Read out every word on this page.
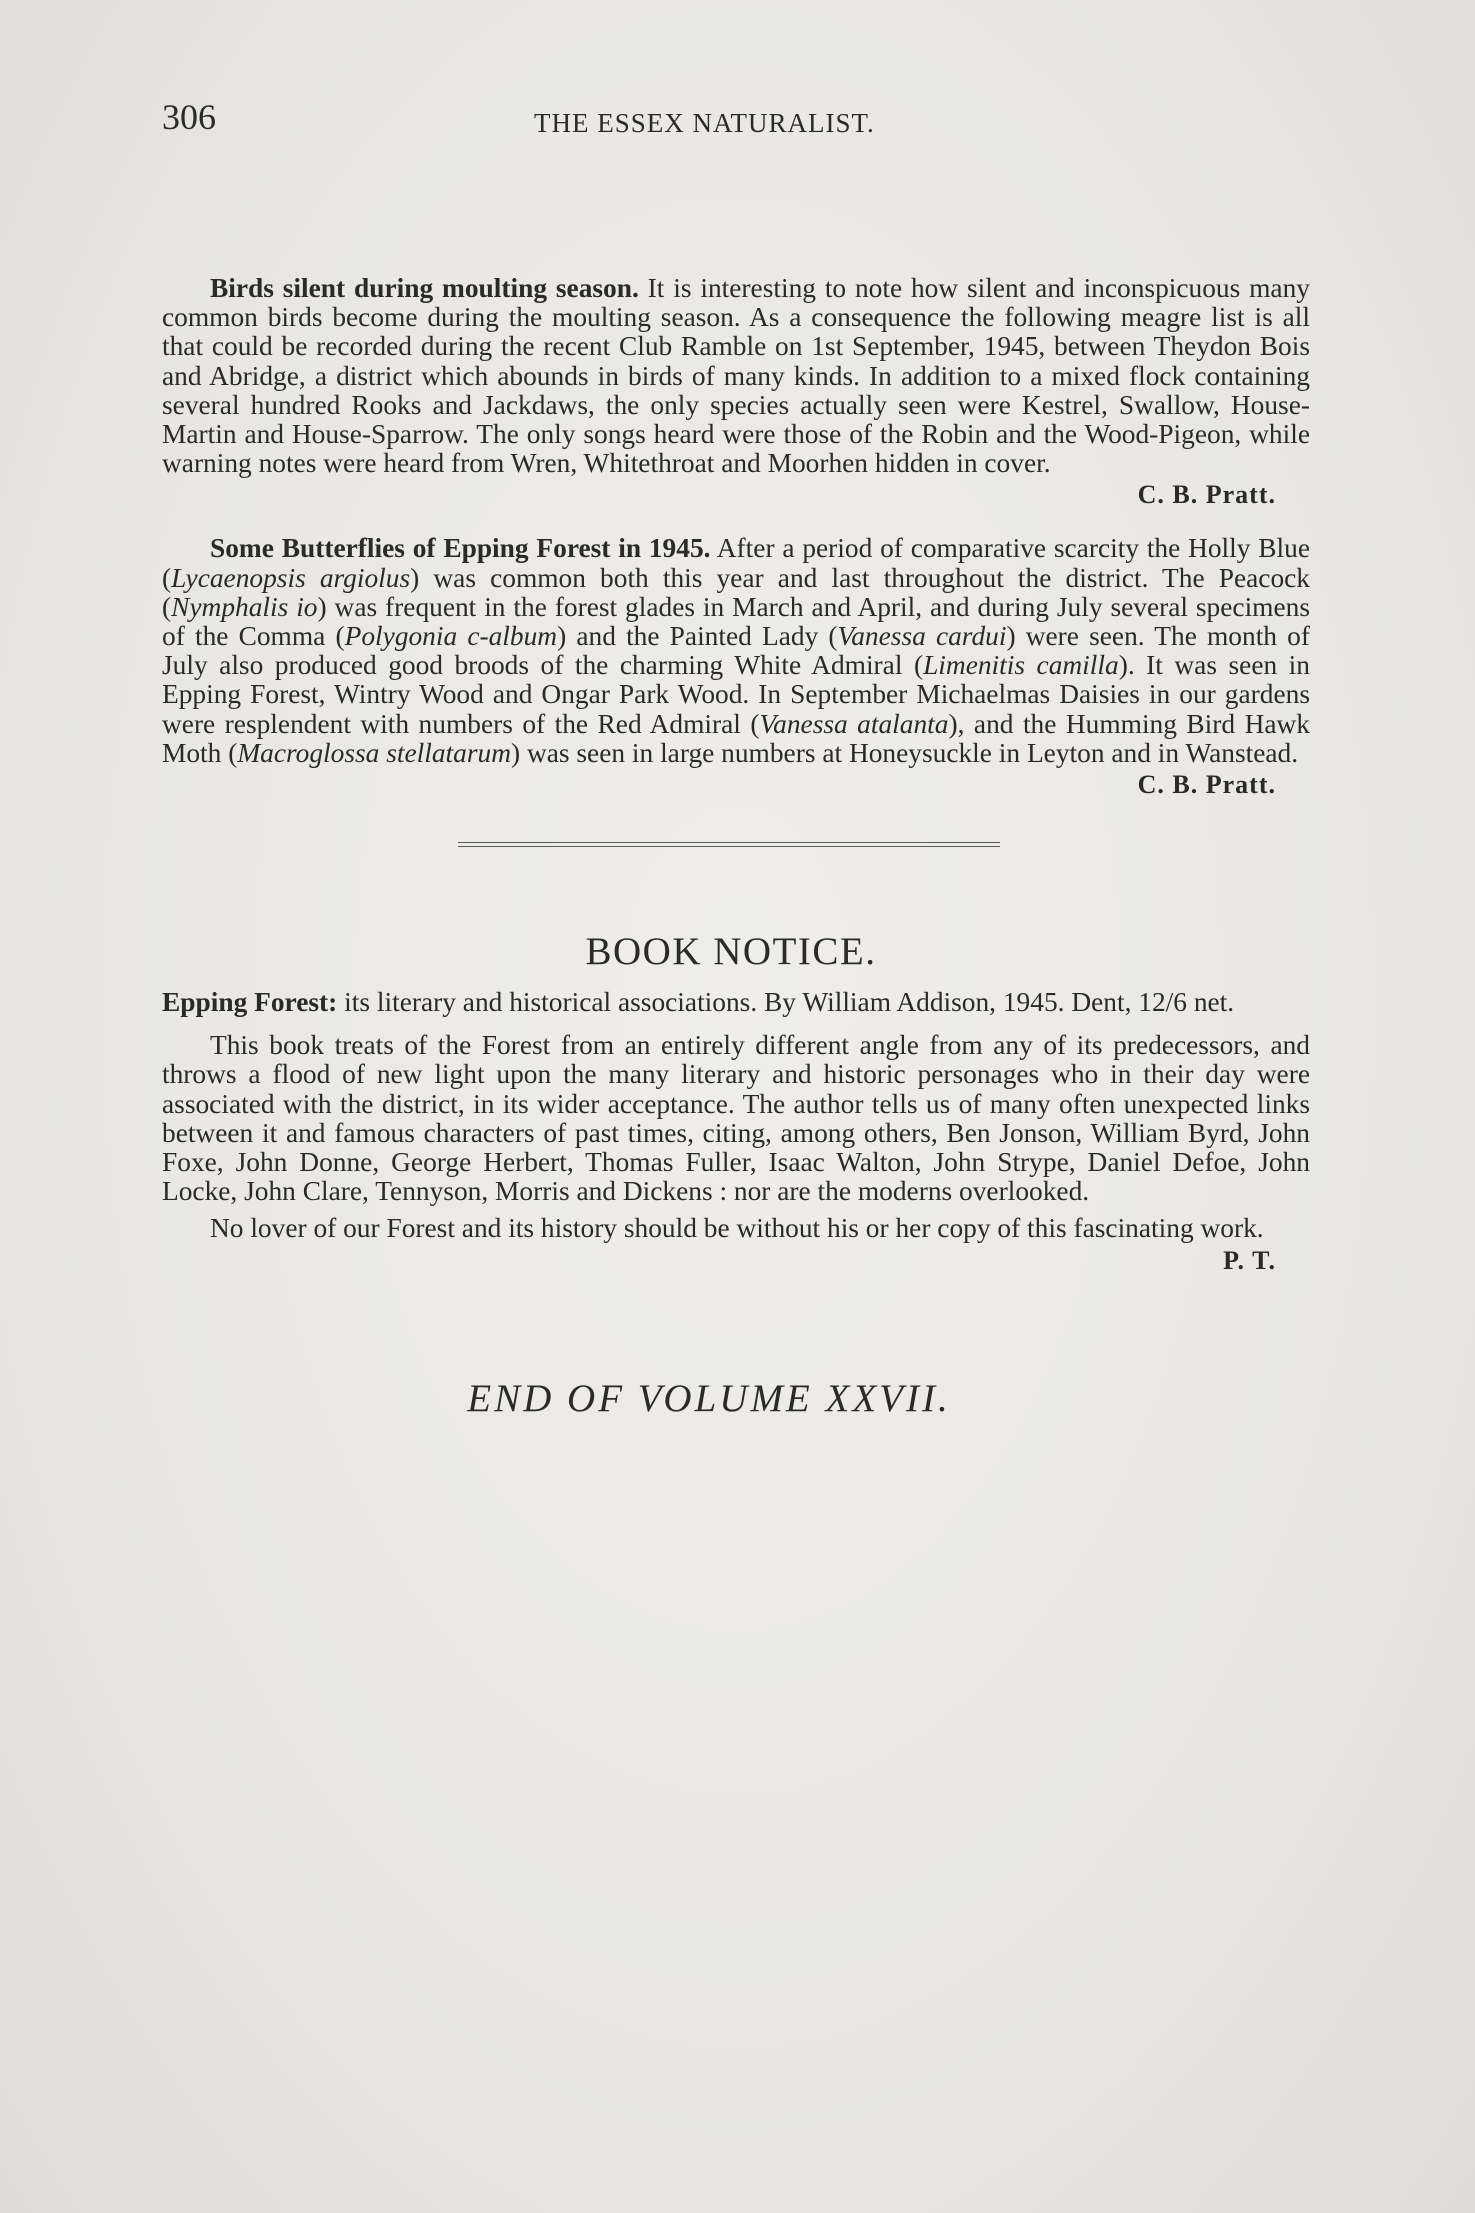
306	THE ESSEX NATURALIST.

Birds silent during moulting season. It is interesting to note how silent and inconspicuous many common birds become during the moulting season. As a consequence the following meagre list is all that could be recorded during the recent Club Ramble on 1st September, 1945, between Theydon Bois and Abridge, a district which abounds in birds of many kinds. In addition to a mixed flock containing several hundred Rooks and Jackdaws, the only species actually seen were Kestrel, Swallow, House-Martin and House-Sparrow. The only songs heard were those of the Robin and the Wood-Pigeon, while warning notes were heard from Wren, Whitethroat and Moorhen hidden in cover.

C. B. Pratt.

Some Butterflies of Epping Forest in 1945. After a period of comparative scarcity the Holly Blue (Lycaenopsis argiolus) was common both this year and last throughout the district. The Peacock (Nymphalis io) was frequent in the forest glades in March and April, and during July several specimens of the Comma (Polygonia c-album) and the Painted Lady (Vanessa cardui) were seen. The month of July also produced good broods of the charming White Admiral (Limenitis camilla). It was seen in Epping Forest, Wintry Wood and Ongar Park Wood. In September Michaelmas Daisies in our gardens were resplendent with numbers of the Red Admiral (Vanessa atalanta), and the Humming Bird Hawk Moth (Macroglossa stellatarum) was seen in large numbers at Honeysuckle in Leyton and in Wanstead.

C. B. Pratt.
BOOK NOTICE.
Epping Forest: its literary and historical associations. By William Addison, 1945. Dent, 12/6 net.

This book treats of the Forest from an entirely different angle from any of its predecessors, and throws a flood of new light upon the many literary and historic personages who in their day were associated with the district, in its wider acceptance. The author tells us of many often unexpected links between it and famous characters of past times, citing, among others, Ben Jonson, William Byrd, John Foxe, John Donne, George Herbert, Thomas Fuller, Isaac Walton, John Strype, Daniel Defoe, John Locke, John Clare, Tennyson, Morris and Dickens : nor are the moderns overlooked.

No lover of our Forest and its history should be without his or her copy of this fascinating work.

P. T.
END OF VOLUME XXVII.
